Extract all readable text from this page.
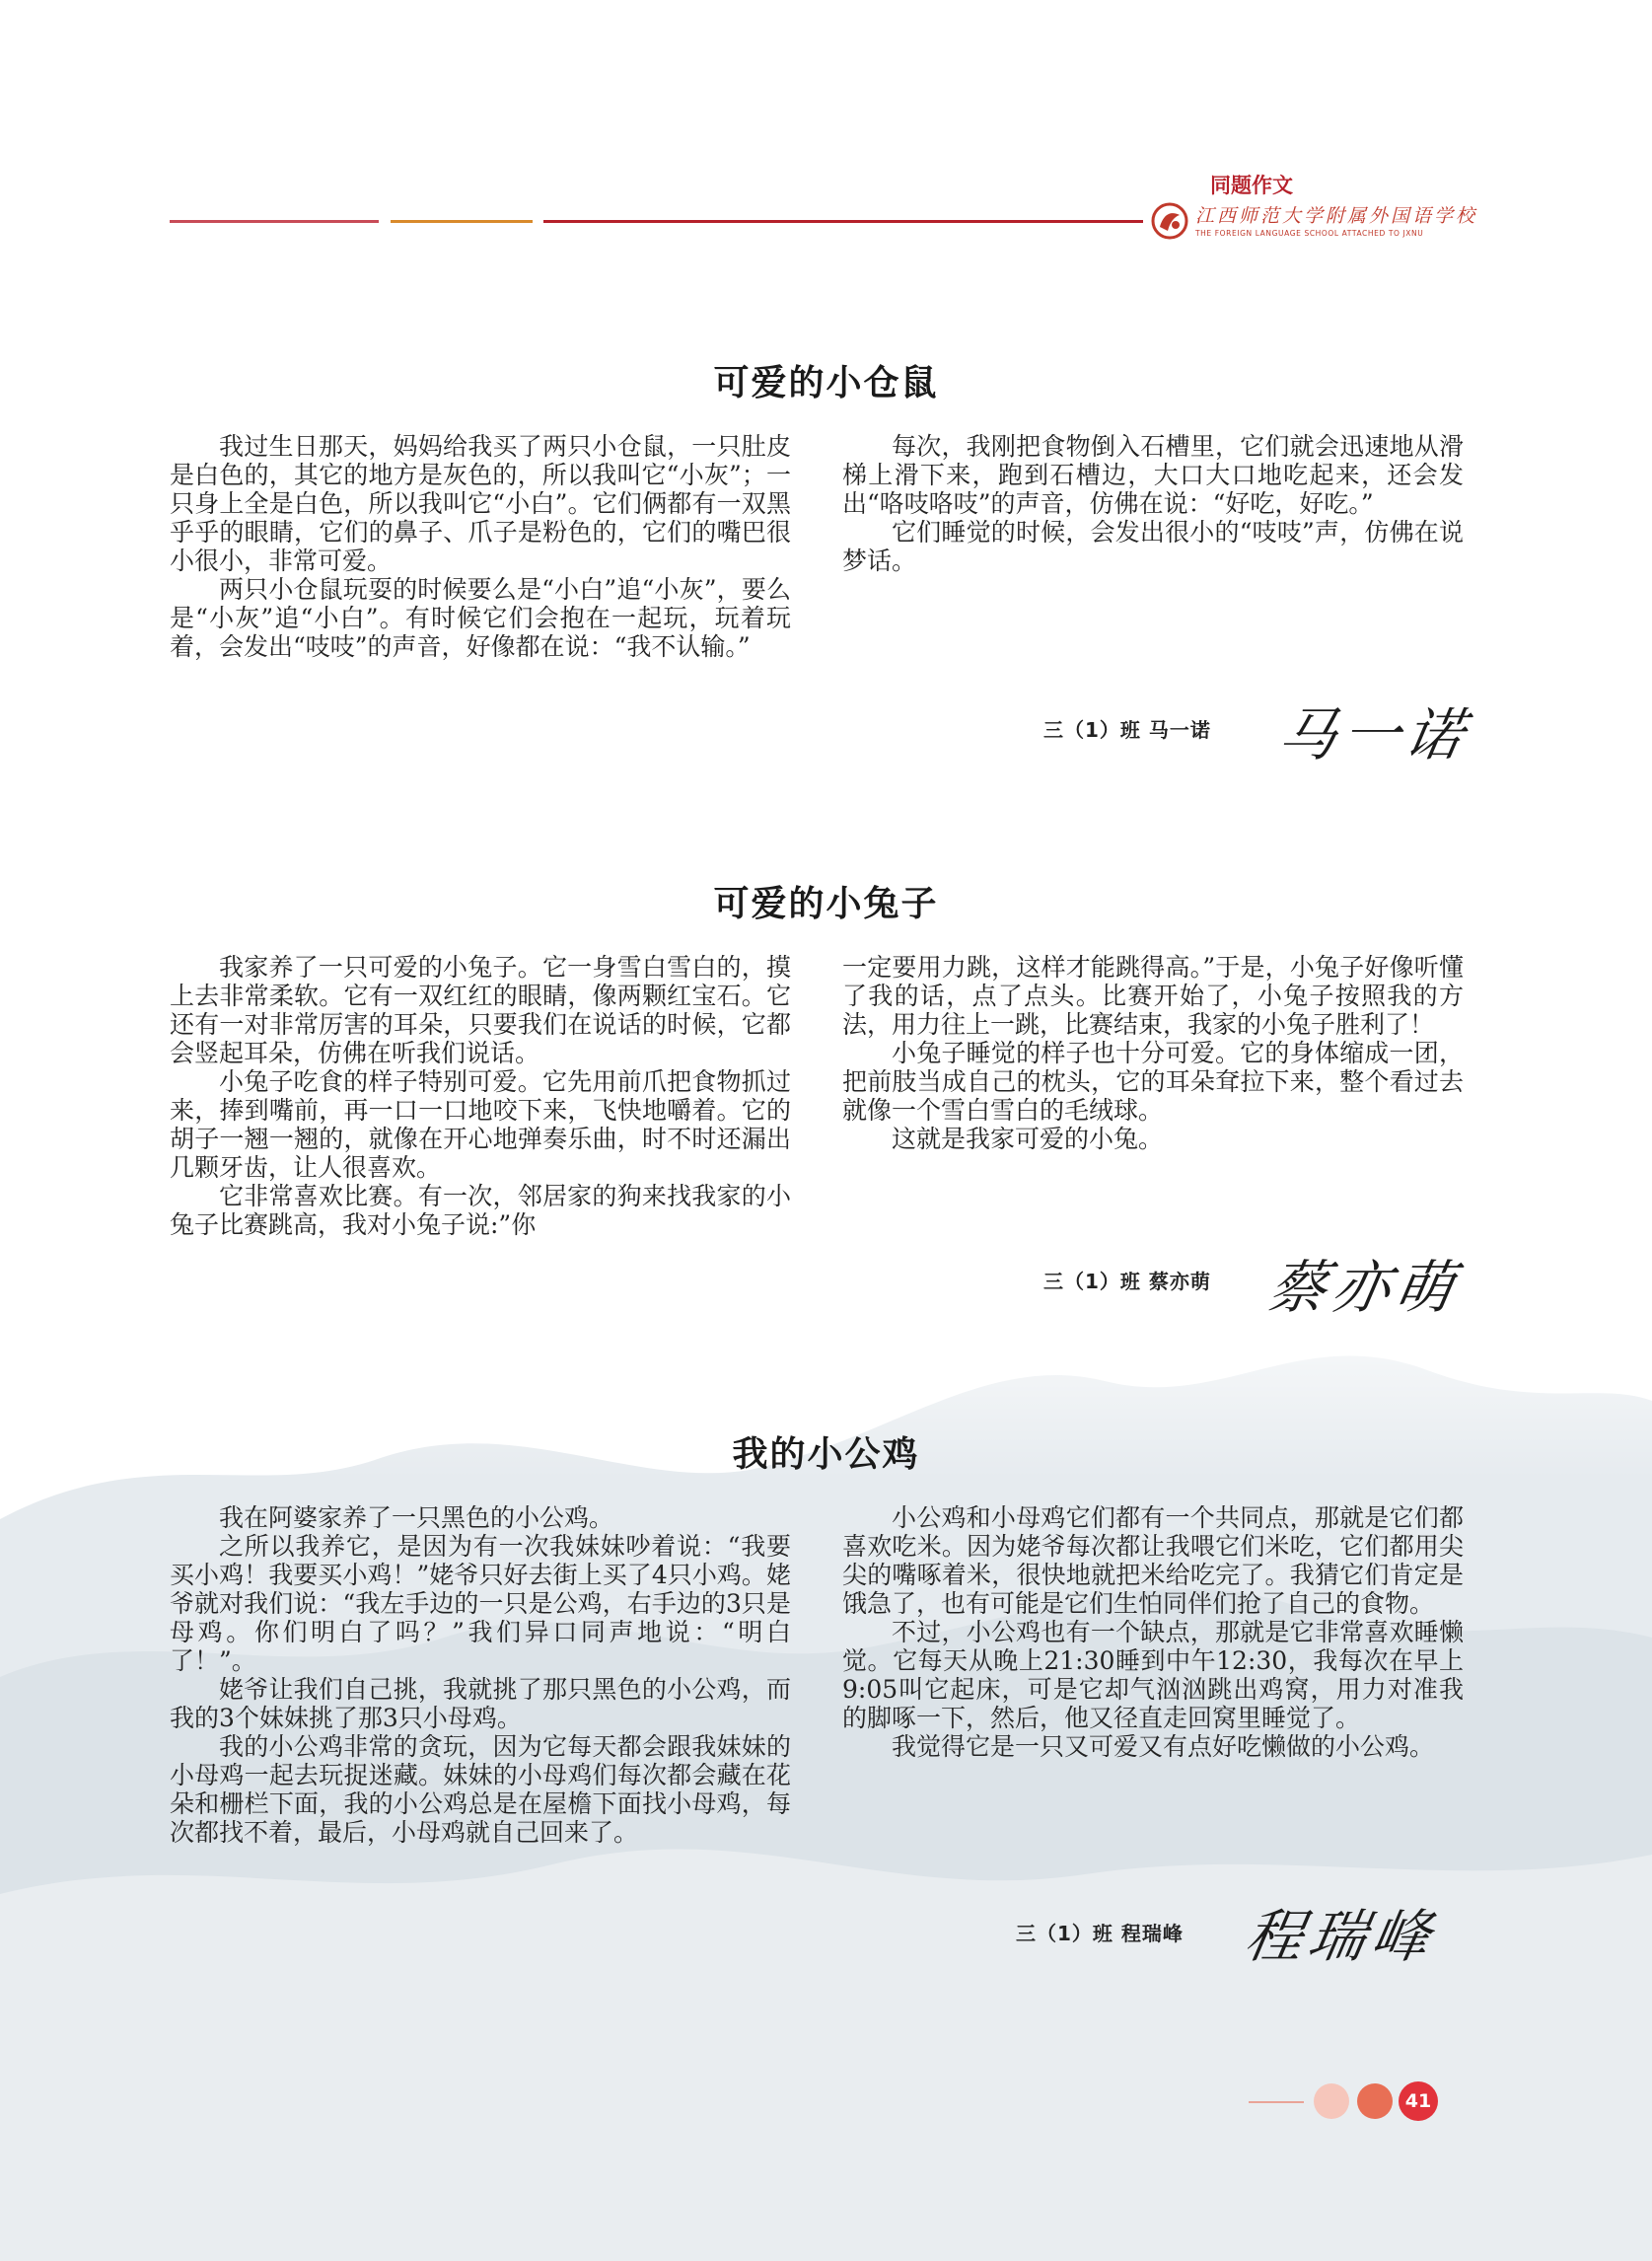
同题作文
江西师范大学附属外国语学校
THE FOREIGN LANGUAGE SCHOOL ATTACHED TO JXNU
可爱的小仓鼠

我过生日那天，妈妈给我买了两只小仓鼠，一只肚皮是白色的，其它的地方是灰色的，所以我叫它“小灰”；一只身上全是白色，所以我叫它“小白”。它们俩都有一双黑乎乎的眼睛，它们的鼻子、爪子是粉色的，它们的嘴巴很小很小，非常可爱。

两只小仓鼠玩耍的时候要么是“小白”追“小灰”，要么是“小灰”追“小白”。有时候它们会抱在一起玩，玩着玩着，会发出“吱吱”的声音，好像都在说：“我不认输。”

每次，我刚把食物倒入石槽里，它们就会迅速地从滑梯上滑下来，跑到石槽边，大口大口地吃起来，还会发出“咯吱咯吱”的声音，仿佛在说：“好吃，好吃。”

它们睡觉的时候，会发出很小的“吱吱”声，仿佛在说梦话。

三（1）班 马一诺 马一诺
可爱的小兔子

我家养了一只可爱的小兔子。它一身雪白雪白的，摸上去非常柔软。它有一双红红的眼睛，像两颗红宝石。它还有一对非常厉害的耳朵，只要我们在说话的时候，它都会竖起耳朵，仿佛在听我们说话。

小兔子吃食的样子特别可爱。它先用前爪把食物抓过来，捧到嘴前，再一口一口地咬下来，飞快地嚼着。它的胡子一翘一翘的，就像在开心地弹奏乐曲，时不时还漏出几颗牙齿，让人很喜欢。

它非常喜欢比赛。有一次，邻居家的狗来找我家的小兔子比赛跳高，我对小兔子说:”你

一定要用力跳，这样才能跳得高。”于是，小兔子好像听懂了我的话，点了点头。比赛开始了，小兔子按照我的方法，用力往上一跳，比赛结束，我家的小兔子胜利了！

小兔子睡觉的样子也十分可爱。它的身体缩成一团，把前肢当成自己的枕头，它的耳朵耷拉下来，整个看过去就像一个雪白雪白的毛绒球。

这就是我家可爱的小兔。

三（1）班 蔡亦萌 蔡亦萌
我的小公鸡

我在阿婆家养了一只黑色的小公鸡。

之所以我养它，是因为有一次我妹妹吵着说：“我要买小鸡！我要买小鸡！”姥爷只好去街上买了4只小鸡。姥爷就对我们说：“我左手边的一只是公鸡，右手边的3只是母鸡。你们明白了吗？”我们异口同声地说：“明白了！”。

姥爷让我们自己挑，我就挑了那只黑色的小公鸡，而我的3个妹妹挑了那3只小母鸡。

我的小公鸡非常的贪玩，因为它每天都会跟我妹妹的小母鸡一起去玩捉迷藏。妹妹的小母鸡们每次都会藏在花朵和栅栏下面，我的小公鸡总是在屋檐下面找小母鸡，每次都找不着，最后，小母鸡就自己回来了。

小公鸡和小母鸡它们都有一个共同点，那就是它们都喜欢吃米。因为姥爷每次都让我喂它们米吃，它们都用尖尖的嘴啄着米，很快地就把米给吃完了。我猜它们肯定是饿急了，也有可能是它们生怕同伴们抢了自己的食物。

不过，小公鸡也有一个缺点，那就是它非常喜欢睡懒觉。它每天从晚上21:30睡到中午12:30，我每次在早上9:05叫它起床，可是它却气汹汹跳出鸡窝，用力对准我的脚啄一下，然后，他又径直走回窝里睡觉了。

我觉得它是一只又可爱又有点好吃懒做的小公鸡。

三（1）班 程瑞峰 程瑞峰
41
